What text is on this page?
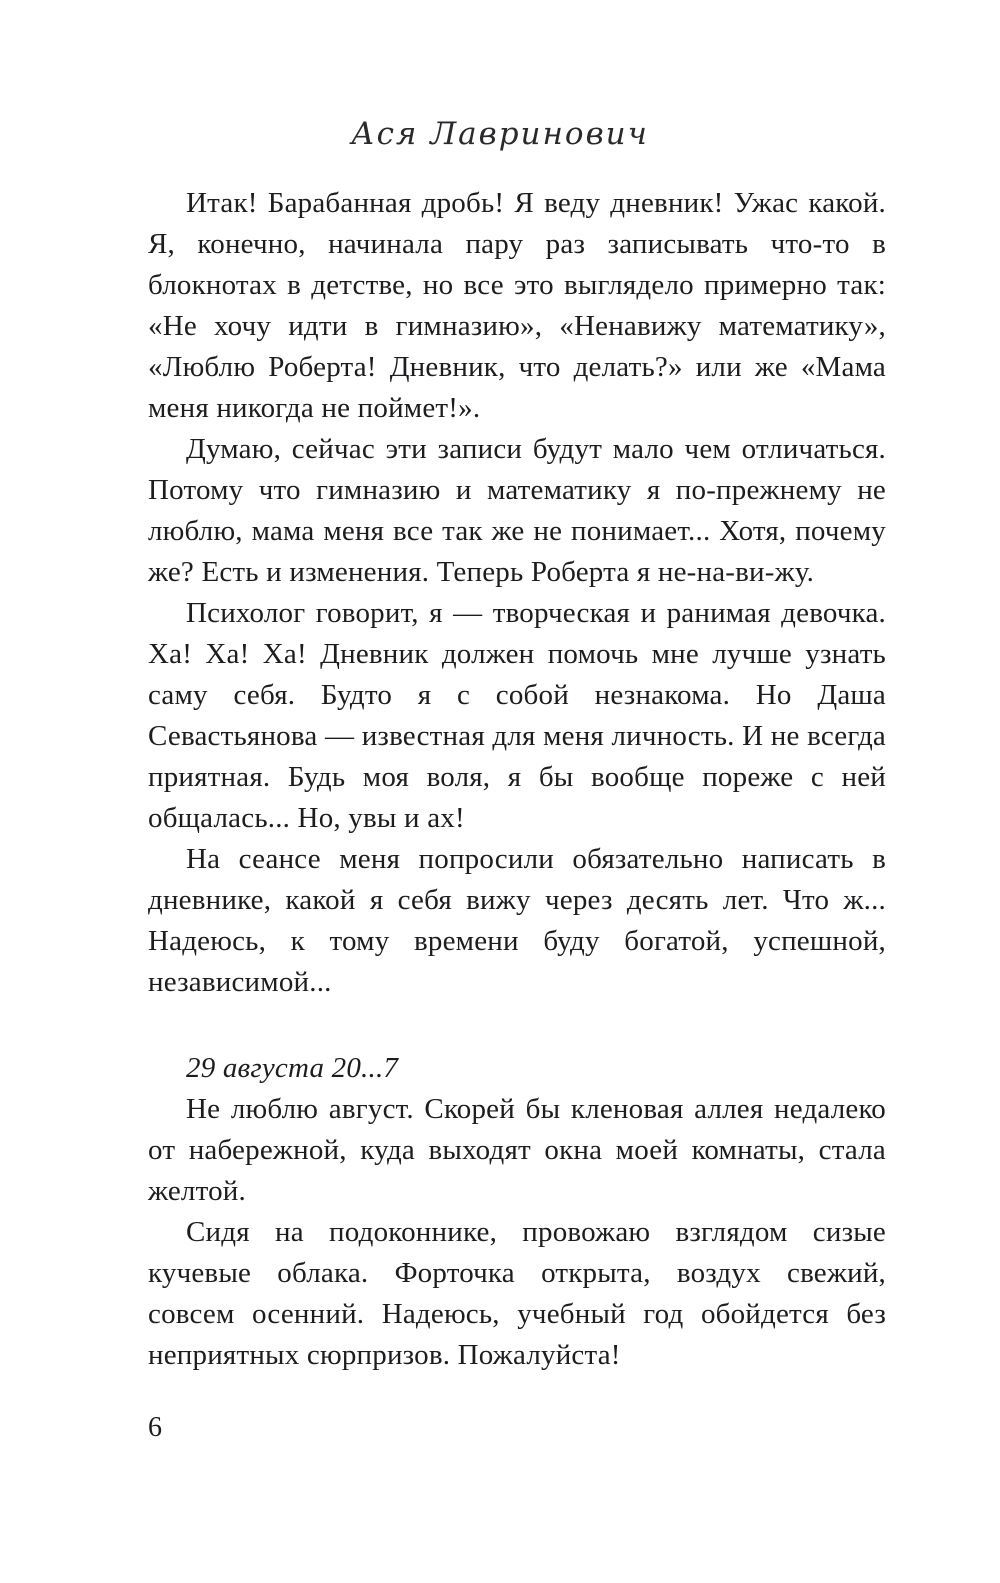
Ася Лавринович

Итак! Барабанная дробь! Я веду дневник! Ужас какой. Я, конечно, начинала пару раз записывать что-то в блокнотах в детстве, но все это выглядело примерно так: «Не хочу идти в гимназию», «Ненавижу математику», «Люблю Роберта! Дневник, что делать?» или же «Мама меня никогда не поймет!».

Думаю, сейчас эти записи будут мало чем отличаться. Потому что гимназию и математику я по-прежнему не люблю, мама меня все так же не понимает... Хотя, почему же? Есть и изменения. Теперь Роберта я не-на-ви-жу.

Психолог говорит, я — творческая и ранимая девочка. Ха! Ха! Ха! Дневник должен помочь мне лучше узнать саму себя. Будто я с собой незнакома. Но Даша Севастьянова — известная для меня личность. И не всегда приятная. Будь моя воля, я бы вообще пореже с ней общалась... Но, увы и ах!

На сеансе меня попросили обязательно написать в дневнике, какой я себя вижу через десять лет. Что ж... Надеюсь, к тому времени буду богатой, успешной, независимой...

29 августа 20...7

Не люблю август. Скорей бы кленовая аллея недалеко от набережной, куда выходят окна моей комнаты, стала желтой.

Сидя на подоконнике, провожаю взглядом сизые кучевые облака. Форточка открыта, воздух свежий, совсем осенний. Надеюсь, учебный год обойдется без неприятных сюрпризов. Пожалуйста!

6
